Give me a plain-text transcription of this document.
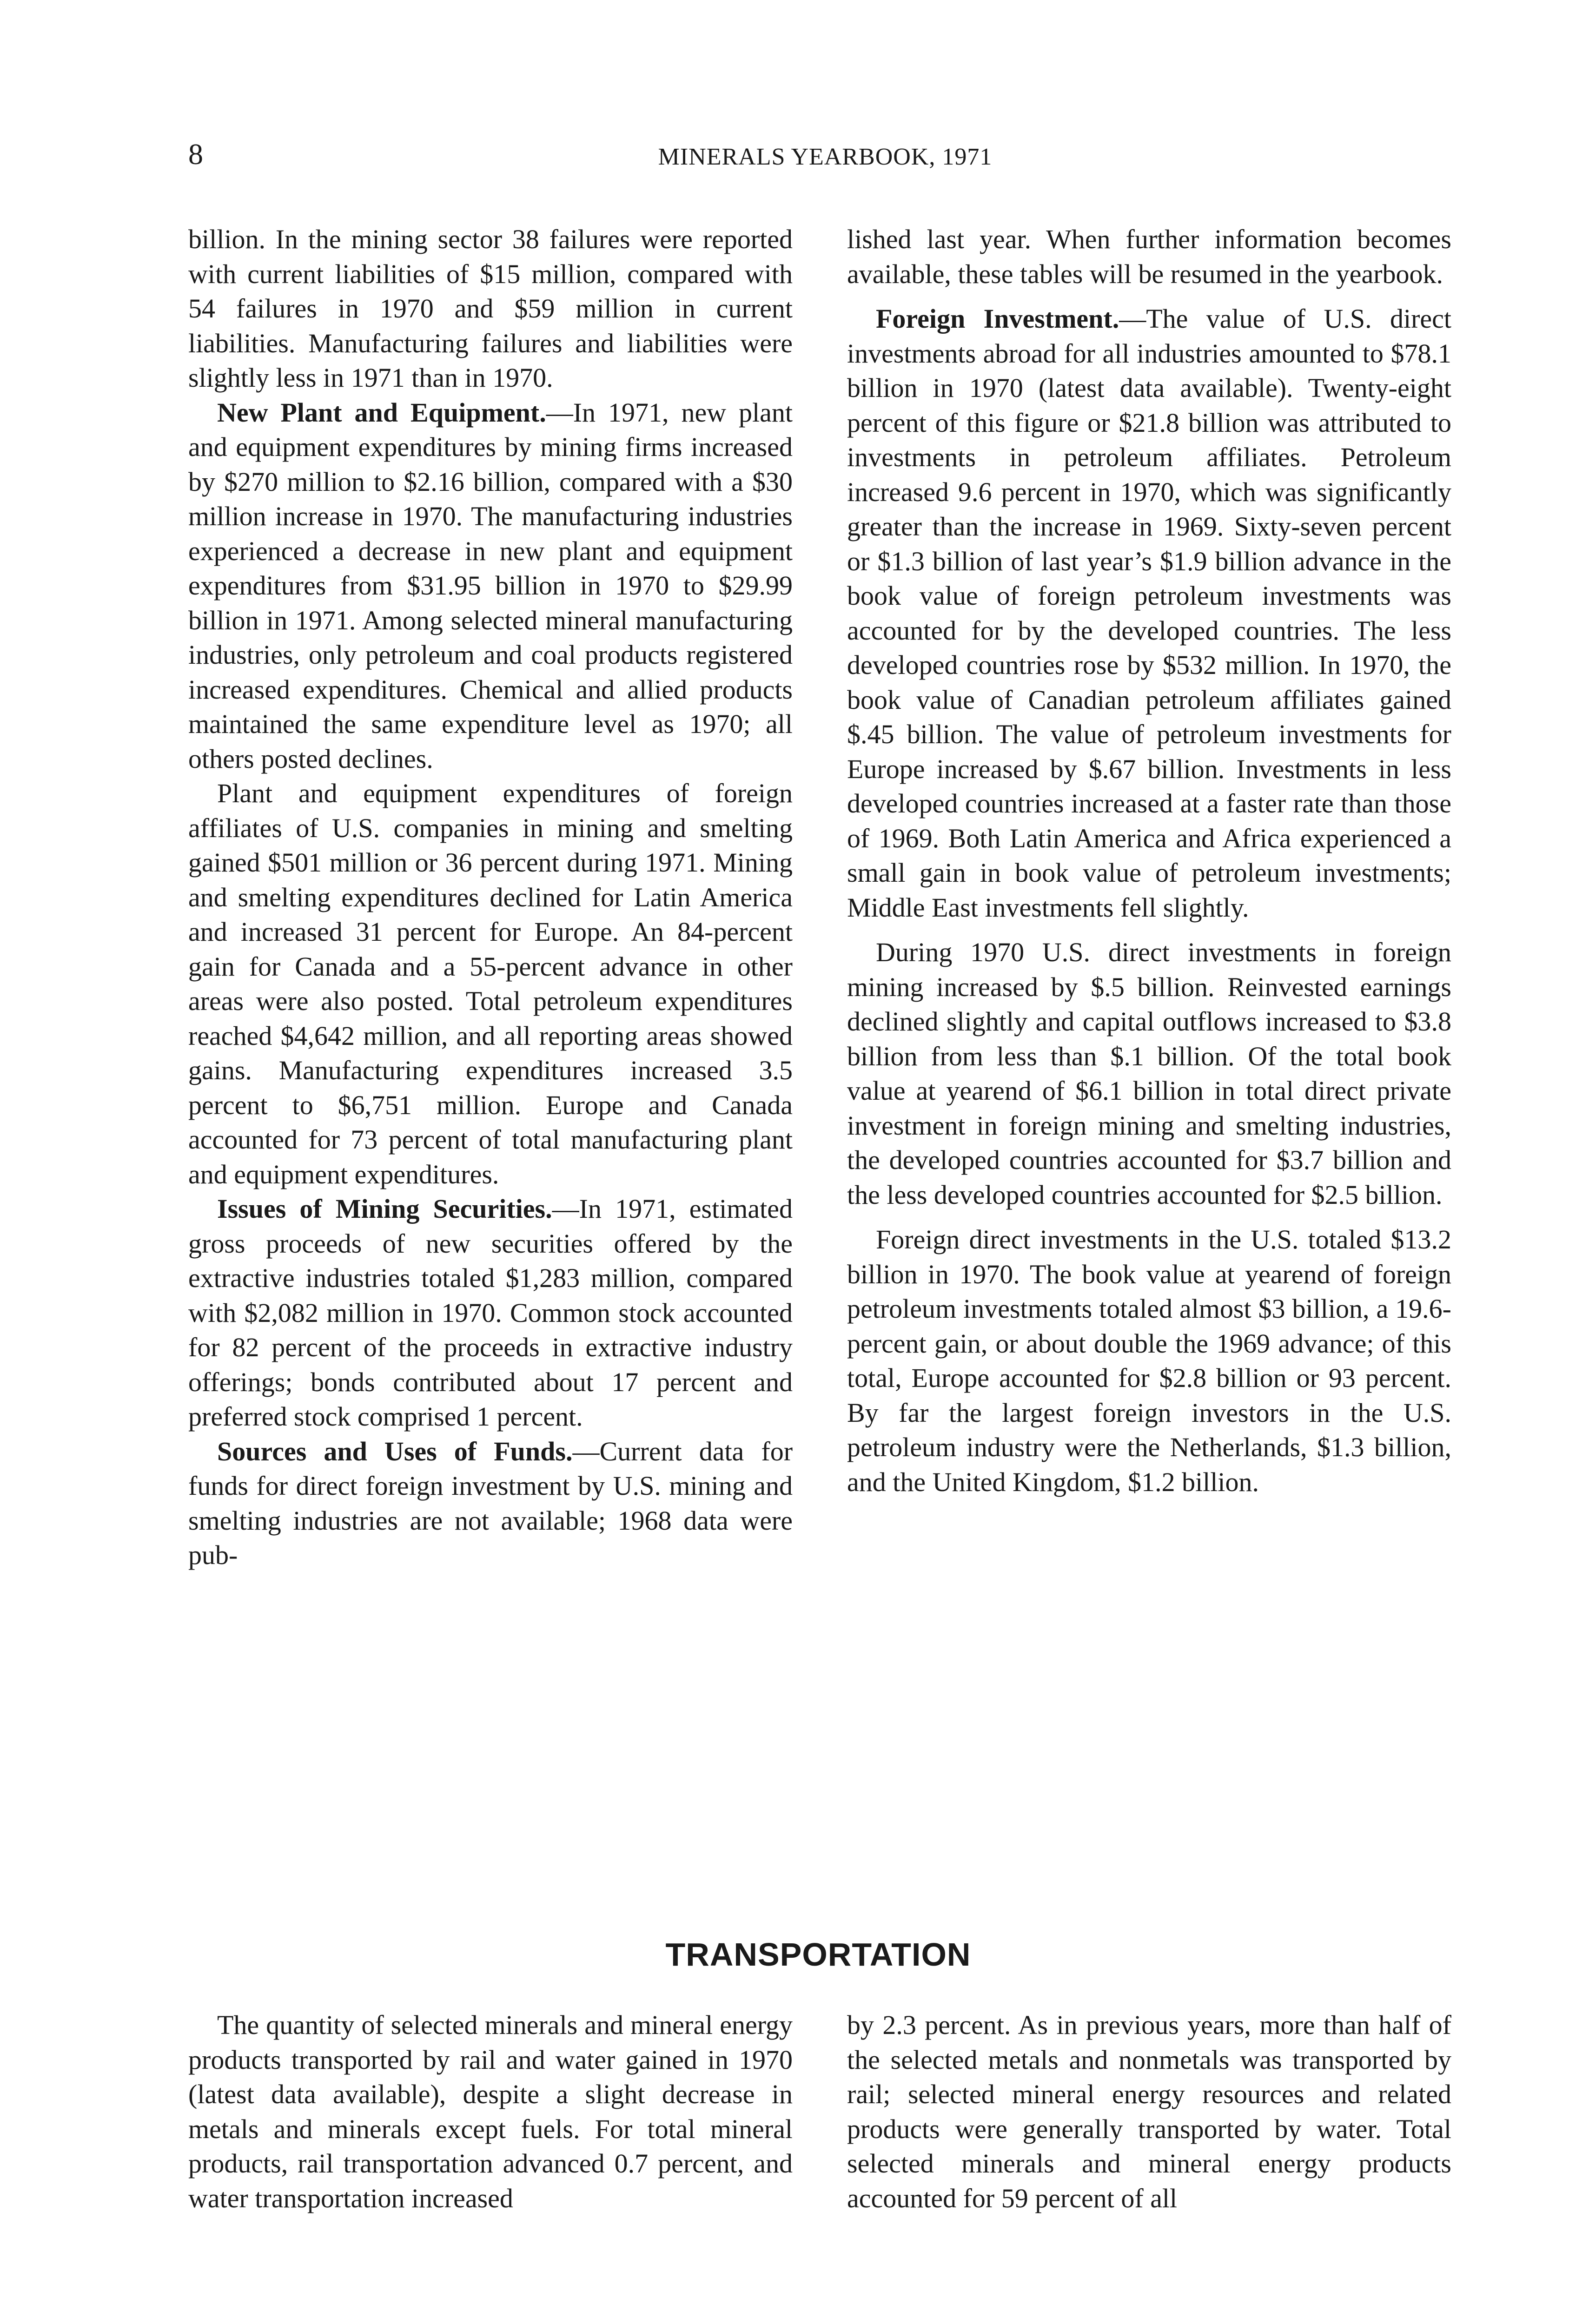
8	MINERALS YEARBOOK, 1971

billion. In the mining sector 38 failures were reported with current liabilities of $15 million, compared with 54 failures in 1970 and $59 million in current liabilities. Manufacturing failures and liabilities were slightly less in 1971 than in 1970.

New Plant and Equipment.—In 1971, new plant and equipment expenditures by mining firms increased by $270 million to $2.16 billion, compared with a $30 million increase in 1970. The manufacturing industries experienced a decrease in new plant and equipment expenditures from $31.95 billion in 1970 to $29.99 billion in 1971. Among selected mineral manufacturing industries, only petroleum and coal products registered increased expenditures. Chemical and allied products maintained the same expenditure level as 1970; all others posted declines.

Plant and equipment expenditures of foreign affiliates of U.S. companies in mining and smelting gained $501 million or 36 percent during 1971. Mining and smelting expenditures declined for Latin America and increased 31 percent for Europe. An 84-percent gain for Canada and a 55-percent advance in other areas were also posted. Total petroleum expenditures reached $4,642 million, and all reporting areas showed gains. Manufacturing expenditures increased 3.5 percent to $6,751 million. Europe and Canada accounted for 73 percent of total manufacturing plant and equipment expenditures.

Issues of Mining Securities.—In 1971, estimated gross proceeds of new securities offered by the extractive industries totaled $1,283 million, compared with $2,082 million in 1970. Common stock accounted for 82 percent of the proceeds in extractive industry offerings; bonds contributed about 17 percent and preferred stock comprised 1 percent.

Sources and Uses of Funds.—Current data for funds for direct foreign investment by U.S. mining and smelting industries are not available; 1968 data were pub-

lished last year. When further information becomes available, these tables will be resumed in the yearbook.

Foreign Investment.—The value of U.S. direct investments abroad for all industries amounted to $78.1 billion in 1970 (latest data available). Twenty-eight percent of this figure or $21.8 billion was attributed to investments in petroleum affiliates. Petroleum increased 9.6 percent in 1970, which was significantly greater than the increase in 1969. Sixty-seven percent or $1.3 billion of last year’s $1.9 billion advance in the book value of foreign petroleum investments was accounted for by the developed countries. The less developed countries rose by $532 million. In 1970, the book value of Canadian petroleum affiliates gained $.45 billion. The value of petroleum investments for Europe increased by $.67 billion. Investments in less developed countries increased at a faster rate than those of 1969. Both Latin America and Africa experienced a small gain in book value of petroleum investments; Middle East investments fell slightly.

During 1970 U.S. direct investments in foreign mining increased by $.5 billion. Reinvested earnings declined slightly and capital outflows increased to $3.8 billion from less than $.1 billion. Of the total book value at yearend of $6.1 billion in total direct private investment in foreign mining and smelting industries, the developed countries accounted for $3.7 billion and the less developed countries accounted for $2.5 billion.

Foreign direct investments in the U.S. totaled $13.2 billion in 1970. The book value at yearend of foreign petroleum investments totaled almost $3 billion, a 19.6-percent gain, or about double the 1969 advance; of this total, Europe accounted for $2.8 billion or 93 percent. By far the largest foreign investors in the U.S. petroleum industry were the Netherlands, $1.3 billion, and the United Kingdom, $1.2 billion.

TRANSPORTATION

The quantity of selected minerals and mineral energy products transported by rail and water gained in 1970 (latest data available), despite a slight decrease in metals and minerals except fuels. For total mineral products, rail transportation advanced 0.7 percent, and water transportation increased

by 2.3 percent. As in previous years, more than half of the selected metals and nonmetals was transported by rail; selected mineral energy resources and related products were generally transported by water. Total selected minerals and mineral energy products accounted for 59 percent of all
